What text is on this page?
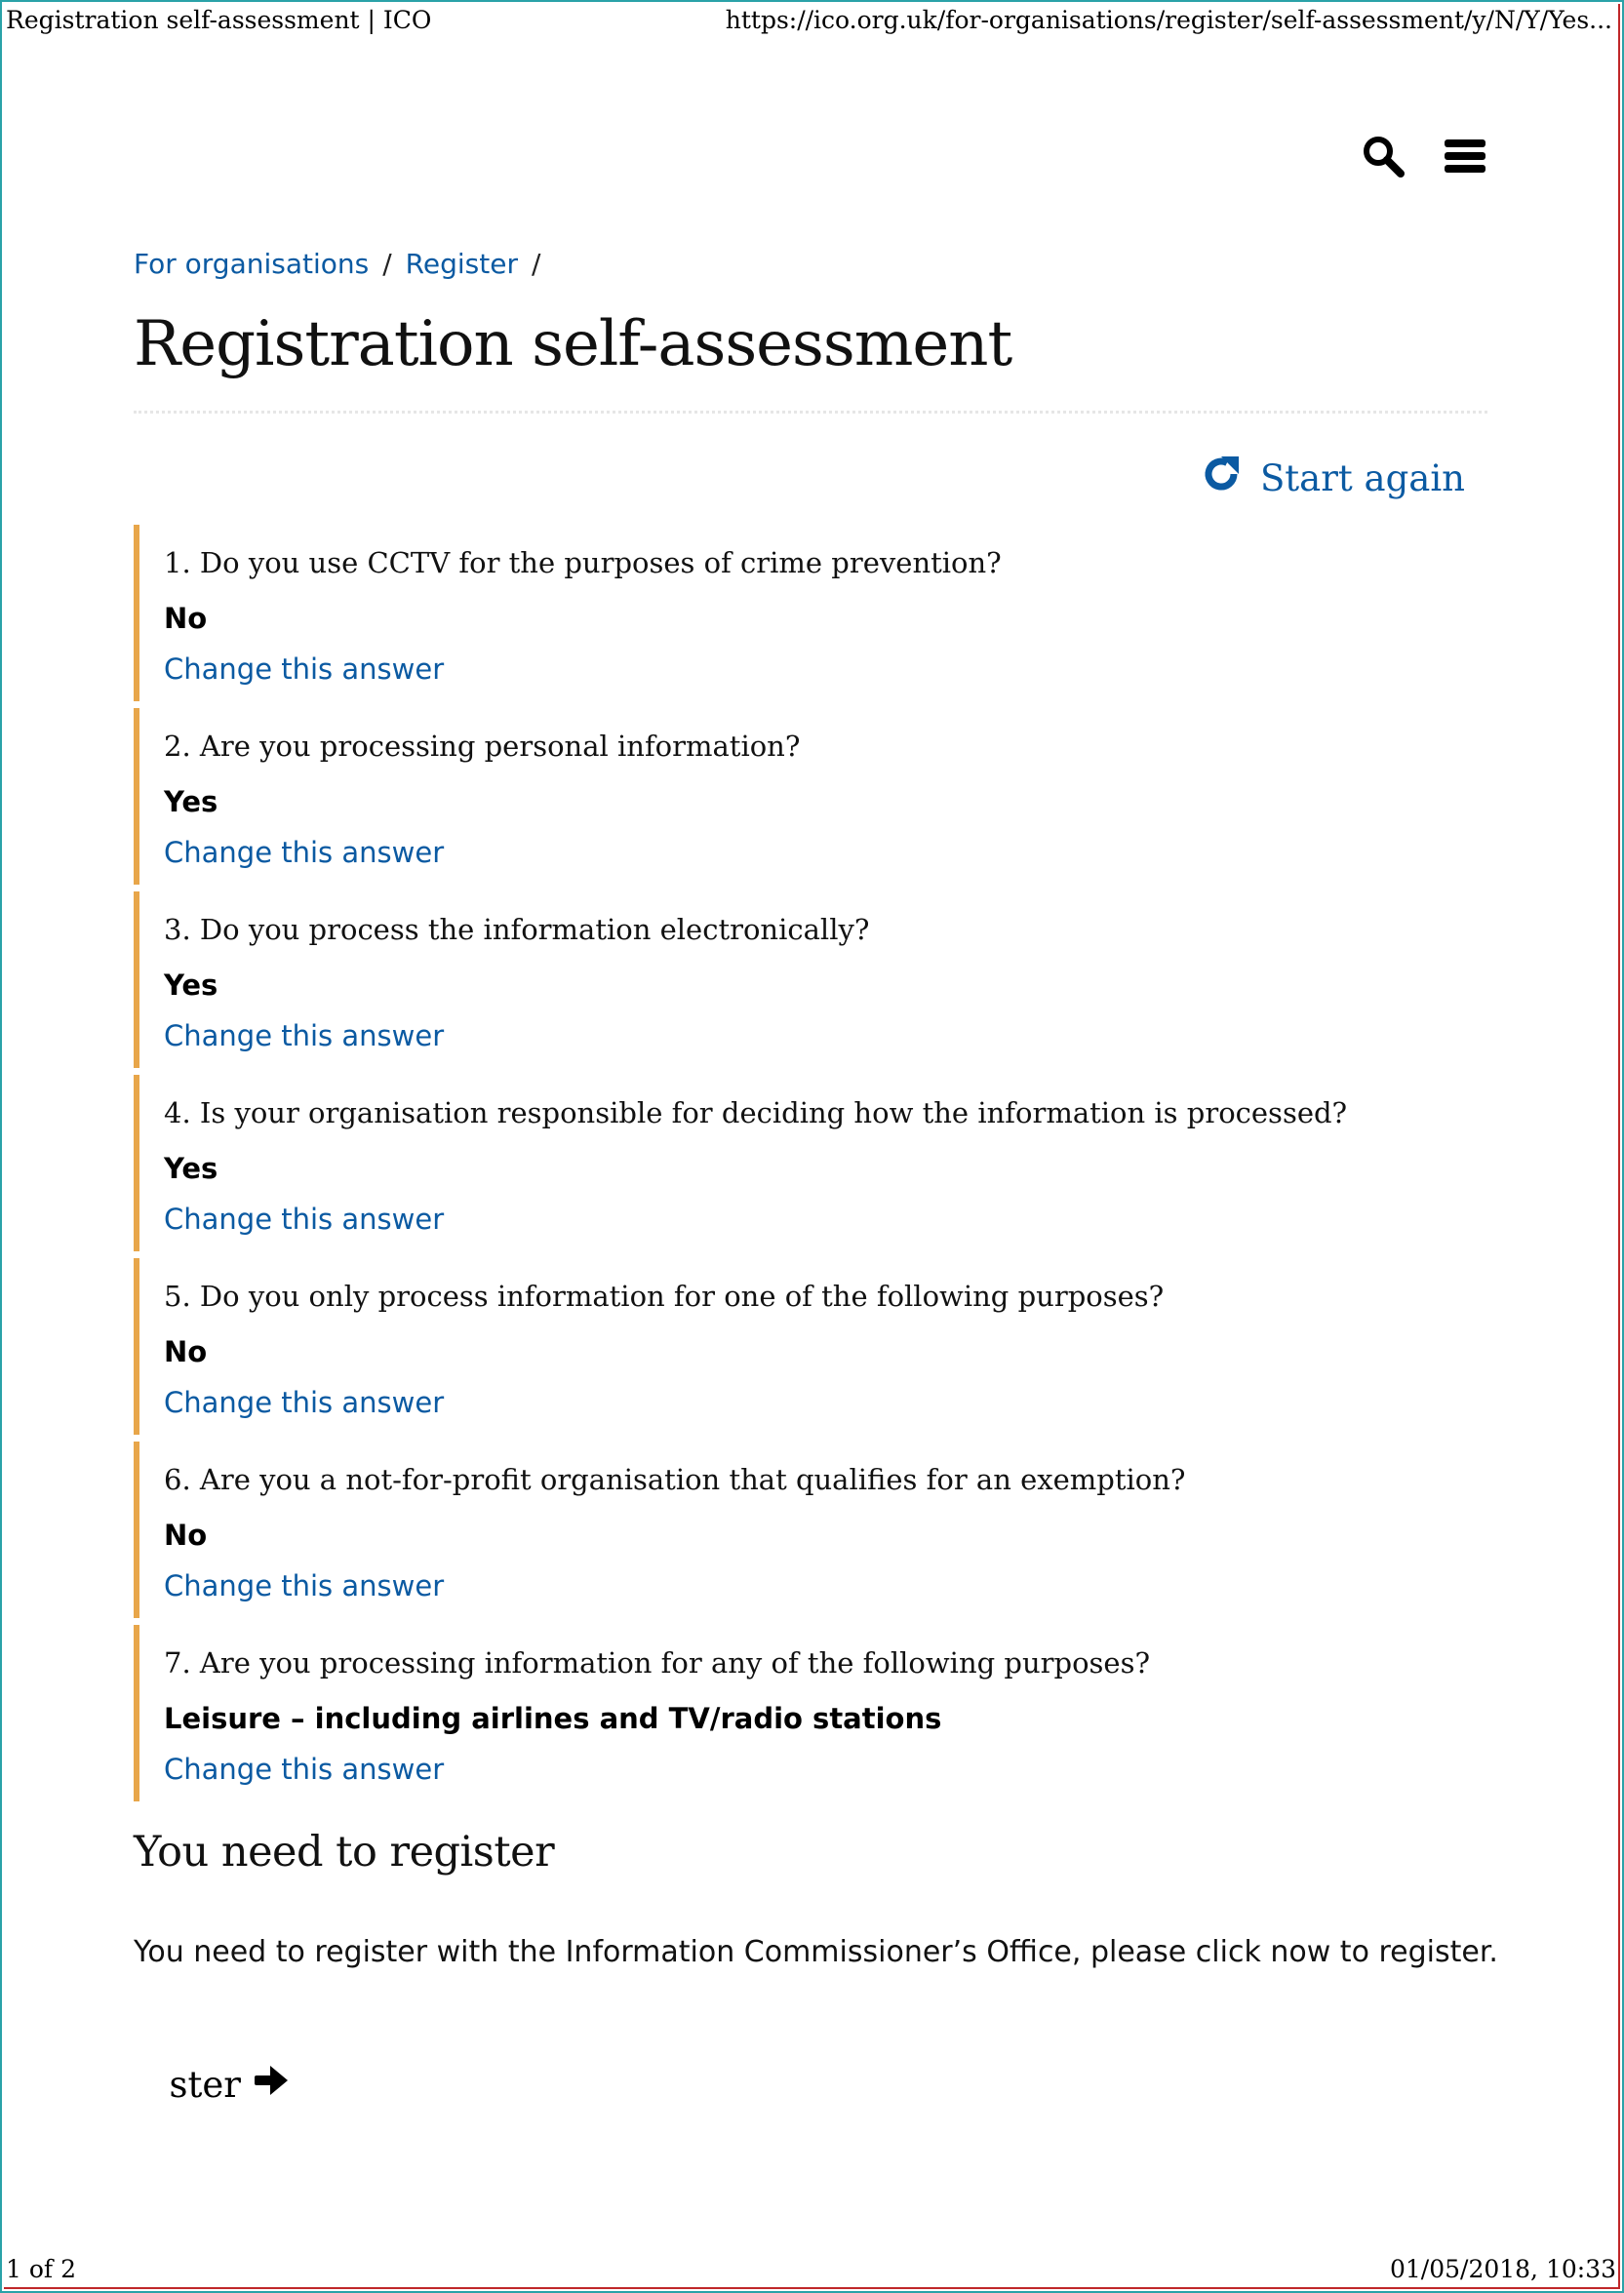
Registration self-assessment | ICO	https://ico.org.uk/for-organisations/register/self-assessment/y/N/Y/Yes...
For organisations / Register /
Registration self-assessment
Start again
1. Do you use CCTV for the purposes of crime prevention?
No
Change this answer
2. Are you processing personal information?
Yes
Change this answer
3. Do you process the information electronically?
Yes
Change this answer
4. Is your organisation responsible for deciding how the information is processed?
Yes
Change this answer
5. Do you only process information for one of the following purposes?
No
Change this answer
6. Are you a not-for-profit organisation that qualifies for an exemption?
No
Change this answer
7. Are you processing information for any of the following purposes?
Leisure – including airlines and TV/radio stations
Change this answer
You need to register

You need to register with the Information Commissioner’s Office, please click now to register.

ster
1 of 2	01/05/2018, 10:33
